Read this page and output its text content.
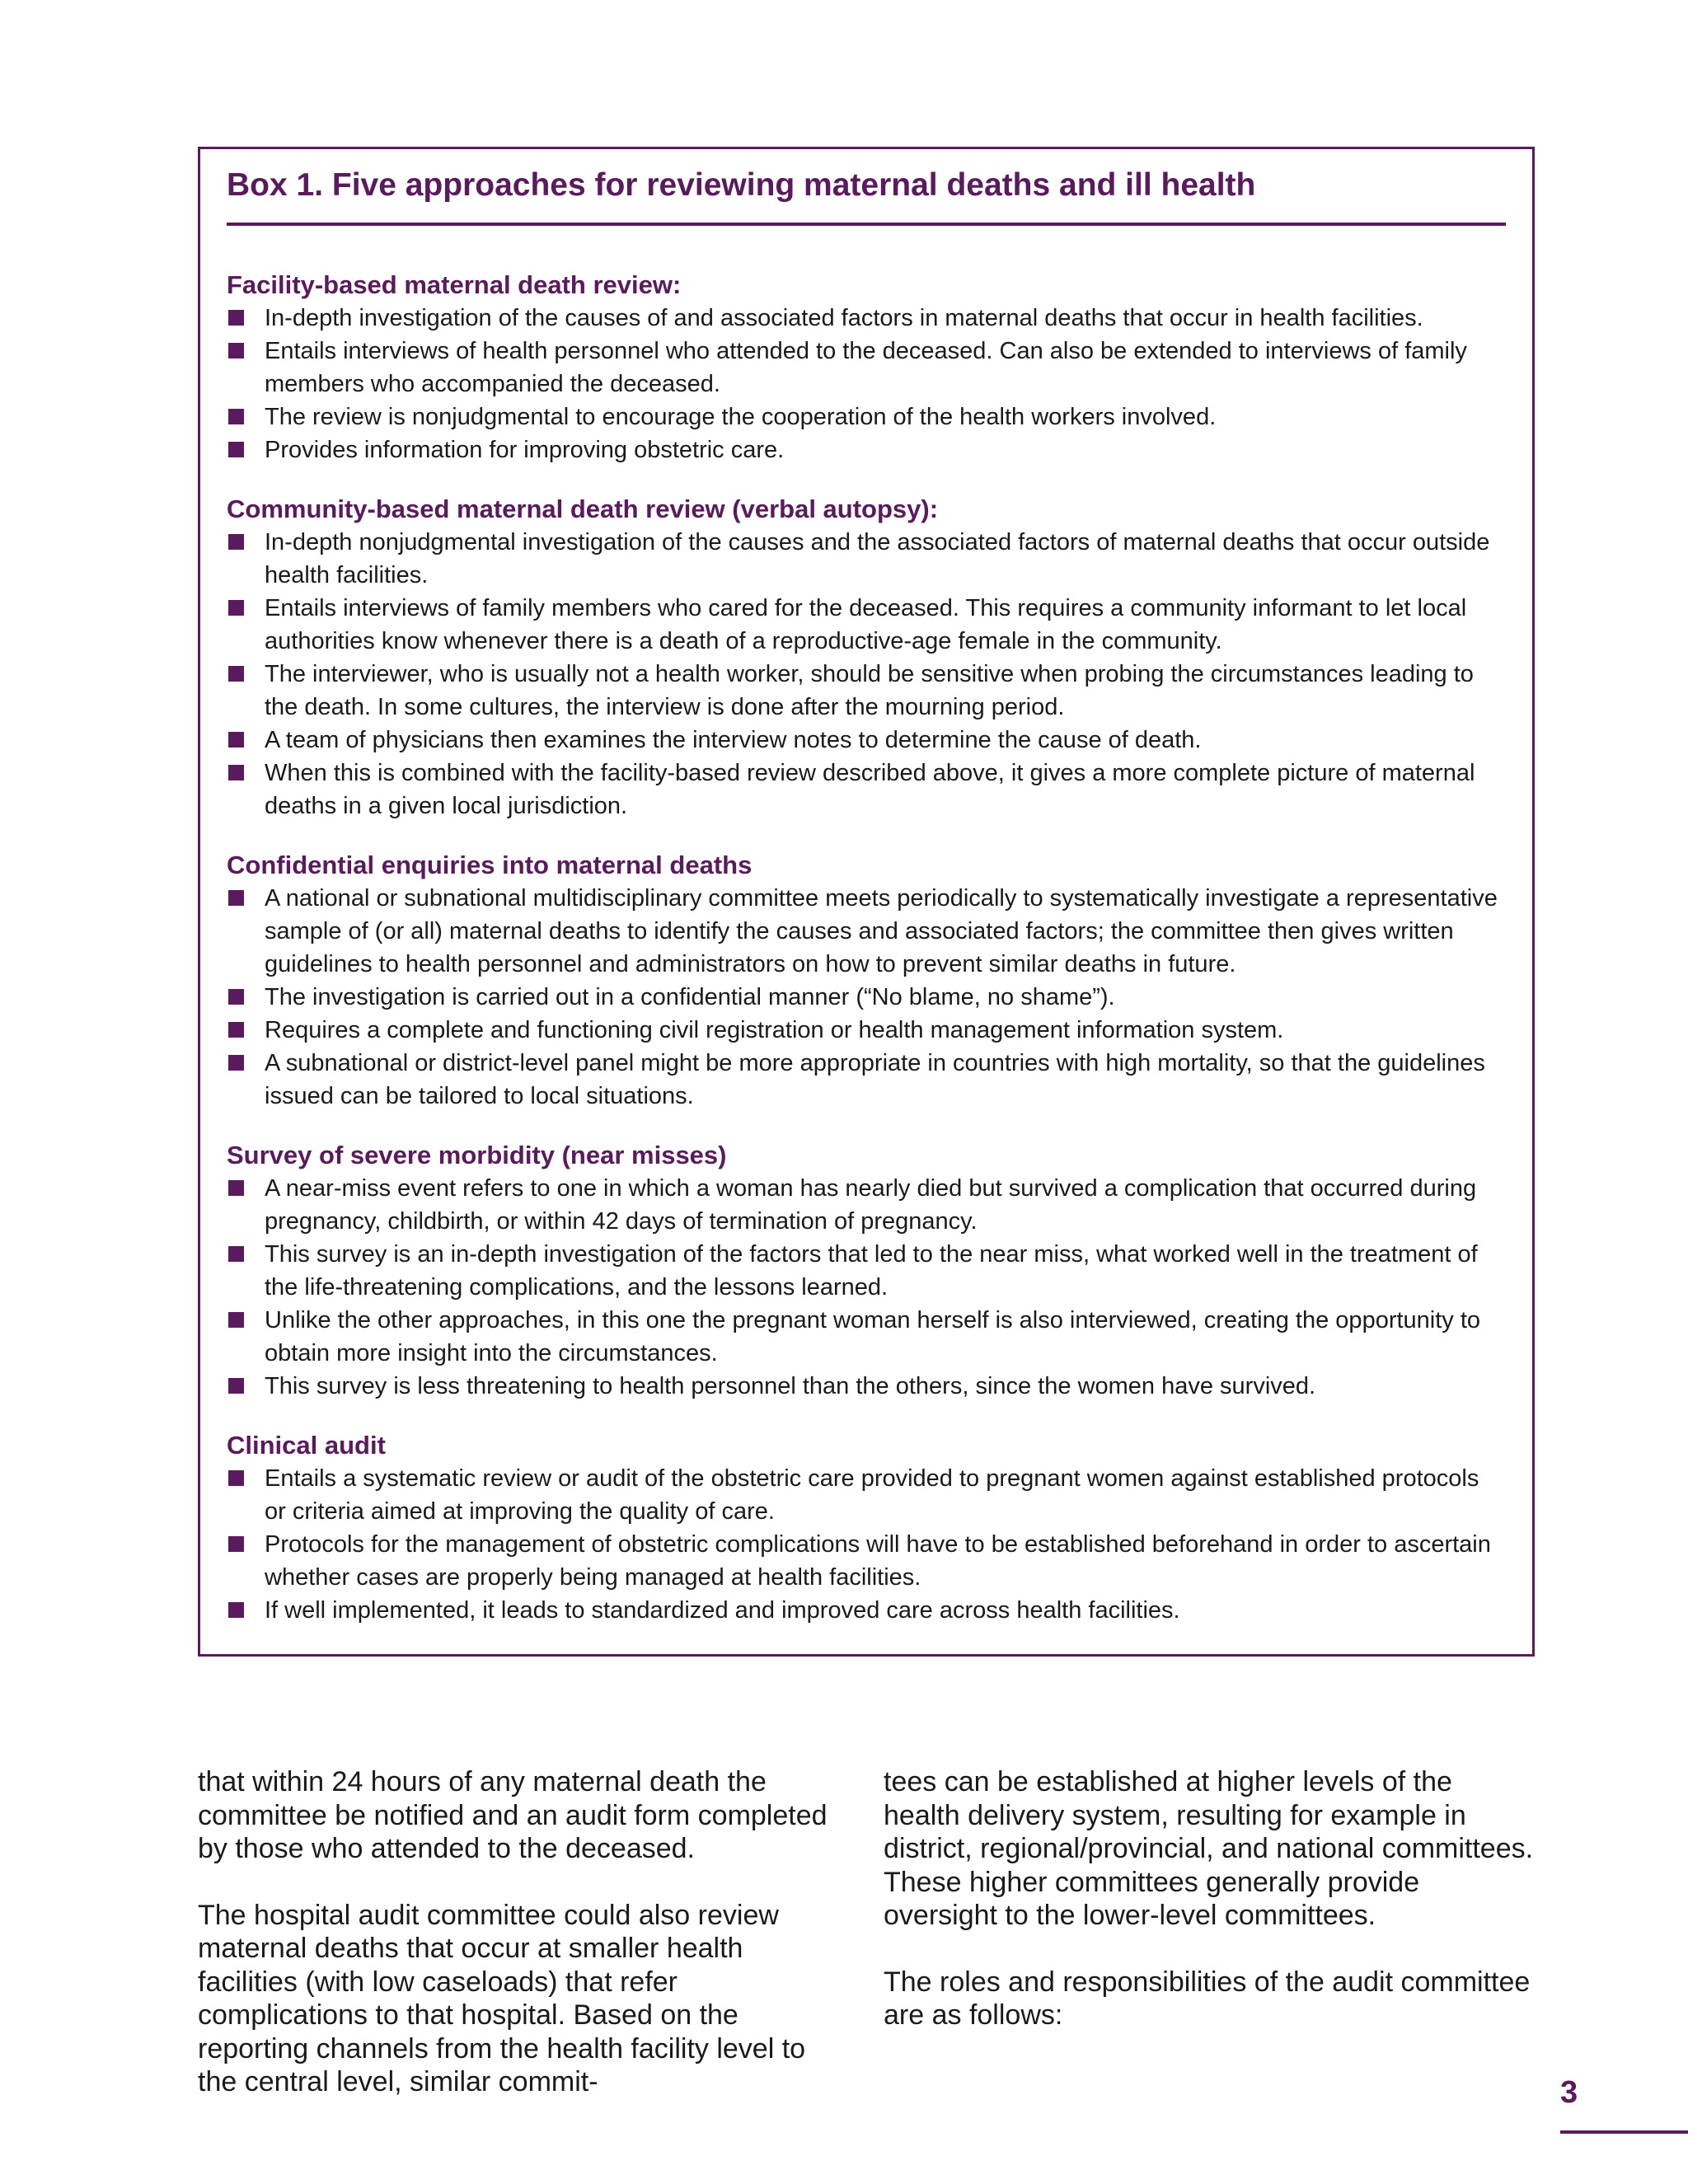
Box 1. Five approaches for reviewing maternal deaths and ill health
Facility-based maternal death review:
In-depth investigation of the causes of and associated factors in maternal deaths that occur in health facilities.
Entails interviews of health personnel who attended to the deceased. Can also be extended to interviews of family members who accompanied the deceased.
The review is nonjudgmental to encourage the cooperation of the health workers involved.
Provides information for improving obstetric care.
Community-based maternal death review (verbal autopsy):
In-depth nonjudgmental investigation of the causes and the associated factors of maternal deaths that occur outside health facilities.
Entails interviews of family members who cared for the deceased. This requires a community informant to let local authorities know whenever there is a death of a reproductive-age female in the community.
The interviewer, who is usually not a health worker, should be sensitive when probing the circumstances leading to the death. In some cultures, the interview is done after the mourning period.
A team of physicians then examines the interview notes to determine the cause of death.
When this is combined with the facility-based review described above, it gives a more complete picture of maternal deaths in a given local jurisdiction.
Confidential enquiries into maternal deaths
A national or subnational multidisciplinary committee meets periodically to systematically investigate a representative sample of (or all) maternal deaths to identify the causes and associated factors; the committee then gives written guidelines to health personnel and administrators on how to prevent similar deaths in future.
The investigation is carried out in a confidential manner (“No blame, no shame”).
Requires a complete and functioning civil registration or health management information system.
A subnational or district-level panel might be more appropriate in countries with high mortality, so that the guidelines issued can be tailored to local situations.
Survey of severe morbidity (near misses)
A near-miss event refers to one in which a woman has nearly died but survived a complication that occurred during pregnancy, childbirth, or within 42 days of termination of pregnancy.
This survey is an in-depth investigation of the factors that led to the near miss, what worked well in the treatment of the life-threatening complications, and the lessons learned.
Unlike the other approaches, in this one the pregnant woman herself is also interviewed, creating the opportunity to obtain more insight into the circumstances.
This survey is less threatening to health personnel than the others, since the women have survived.
Clinical audit
Entails a systematic review or audit of the obstetric care provided to pregnant women against established protocols or criteria aimed at improving the quality of care.
Protocols for the management of obstetric complications will have to be established beforehand in order to ascertain whether cases are properly being managed at health facilities.
If well implemented, it leads to standardized and improved care across health facilities.

that within 24 hours of any maternal death the committee be notified and an audit form completed by those who attended to the deceased.

The hospital audit committee could also review maternal deaths that occur at smaller health facilities (with low caseloads) that refer complications to that hospital. Based on the reporting channels from the health facility level to the central level, similar commit-

tees can be established at higher levels of the health delivery system, resulting for example in district, regional/provincial, and national committees. These higher committees generally provide oversight to the lower-level committees.

The roles and responsibilities of the audit committee are as follows:

3
